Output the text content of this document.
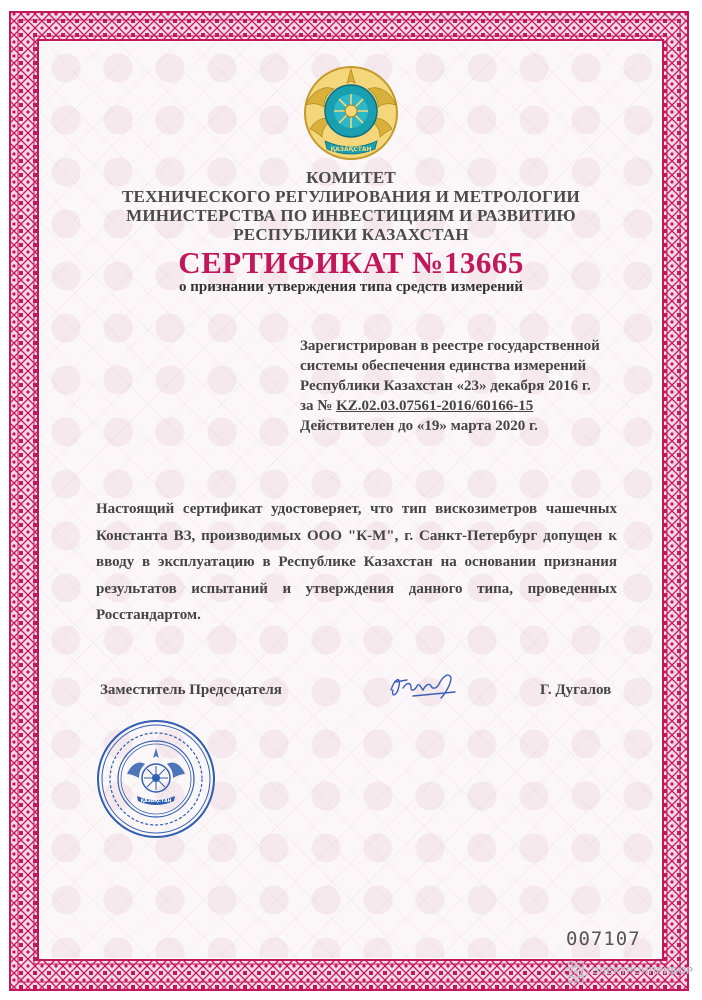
ҚАЗАҚСТАН
КОМИТЕТ
ТЕХНИЧЕСКОГО РЕГУЛИРОВАНИЯ И МЕТРОЛОГИИ
МИНИСТЕРСТВА ПО ИНВЕСТИЦИЯМ И РАЗВИТИЮ
РЕСПУБЛИКИ КАЗАХСТАН
СЕРТИФИКАТ №13665
о признании утверждения типа средств измерений
Зарегистрирован в реестре государственной
системы обеспечения единства измерений
Республики Казахстан «23» декабря 2016 г.
за № KZ.02.03.07561-2016/60166-15
Действителен до «19» марта 2020 г.

Настоящий сертификат удостоверяет, что тип вискозиметров чашечных Константа ВЗ, производимых ООО "К-М", г. Санкт-Петербург допущен к вводу в эксплуатацию в Республике Казахстан на основании признания результатов испытаний и утверждения данного типа, проведенных Росстандартом.

Заместитель Председателя	Г. Дугалов
ҚАЗАҚСТАН
007107
ЭЛЕКТРОНПРИБОР
